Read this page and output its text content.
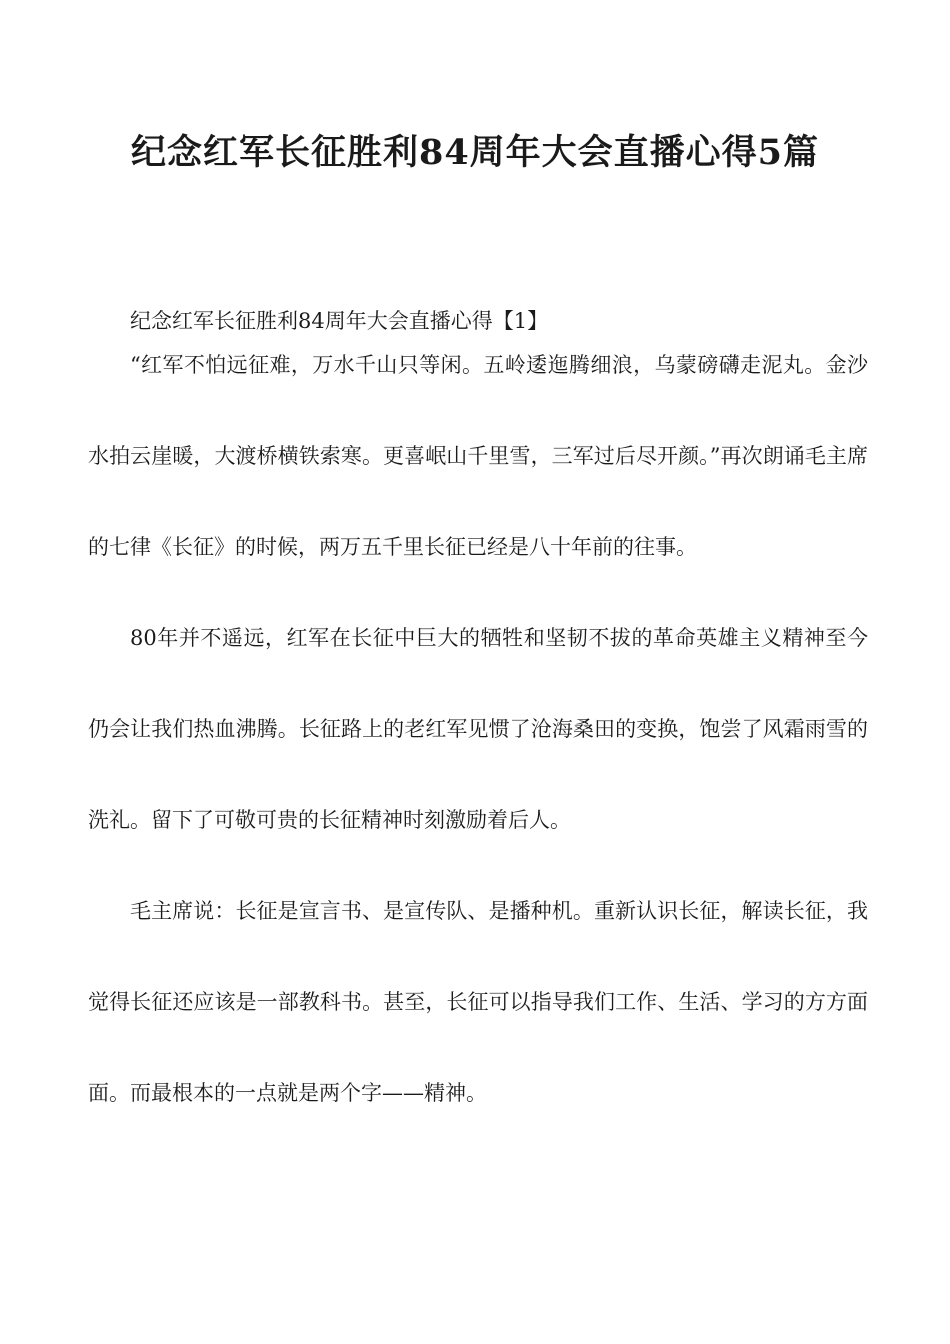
纪念红军长征胜利84周年大会直播心得5篇

纪念红军长征胜利84周年大会直播心得【1】

“红军不怕远征难，万水千山只等闲。五岭逶迤腾细浪，乌蒙磅礴走泥丸。金沙水拍云崖暖，大渡桥横铁索寒。更喜岷山千里雪，三军过后尽开颜。”再次朗诵毛主席的七律《长征》的时候，两万五千里长征已经是八十年前的往事。

80年并不遥远，红军在长征中巨大的牺牲和坚韧不拔的革命英雄主义精神至今仍会让我们热血沸腾。长征路上的老红军见惯了沧海桑田的变换，饱尝了风霜雨雪的洗礼。留下了可敬可贵的长征精神时刻激励着后人。

毛主席说：长征是宣言书、是宣传队、是播种机。重新认识长征，解读长征，我觉得长征还应该是一部教科书。甚至，长征可以指导我们工作、生活、学习的方方面面。而最根本的一点就是两个字——精神。
